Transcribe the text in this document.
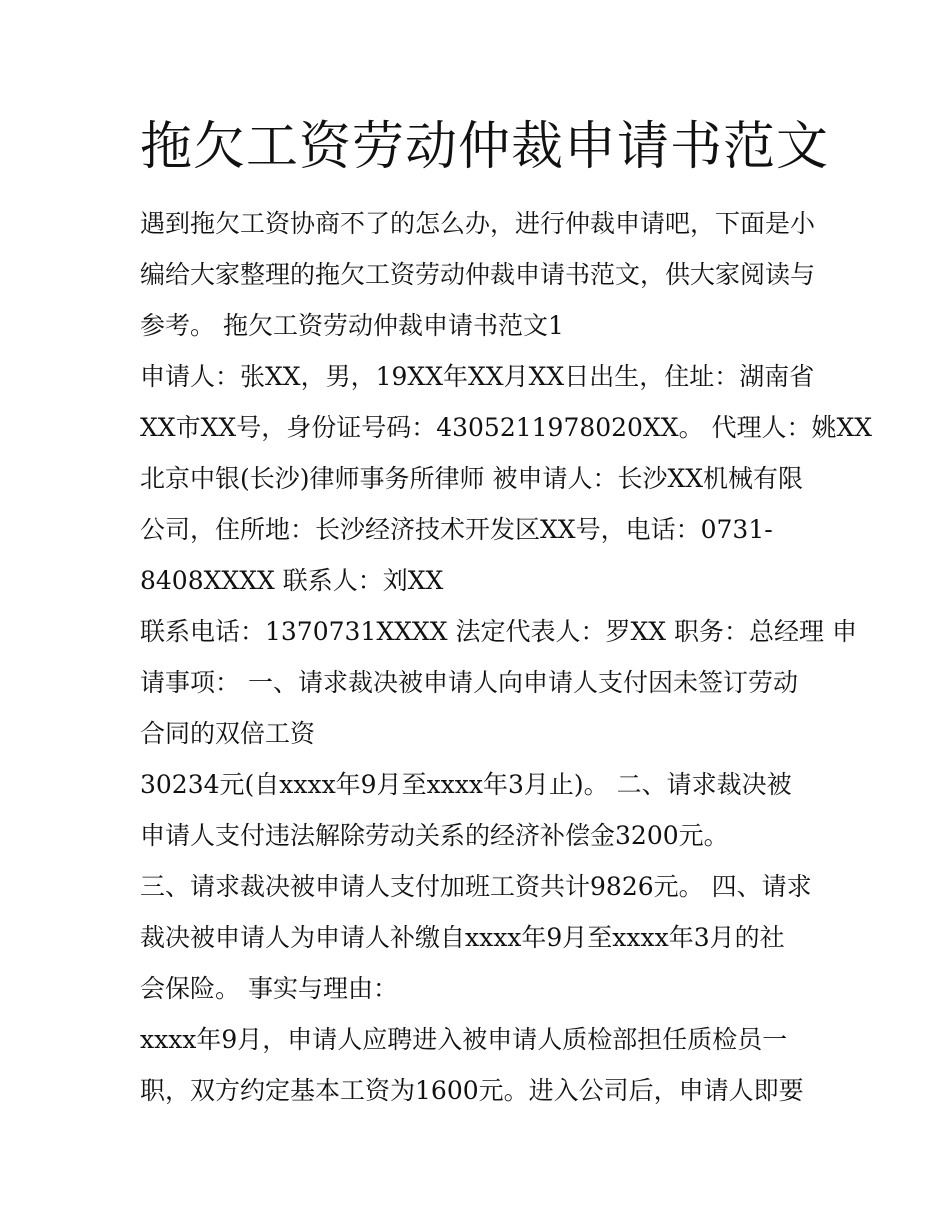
拖欠工资劳动仲裁申请书范文
遇到拖欠工资协商不了的怎么办，进行仲裁申请吧，下面是小
编给大家整理的拖欠工资劳动仲裁申请书范文，供大家阅读与
参考。 拖欠工资劳动仲裁申请书范文1
申请人：张XX，男，19XX年XX月XX日出生，住址：湖南省
XX市XX号，身份证号码：4305211978020XX。 代理人：姚XX
北京中银(长沙)律师事务所律师 被申请人：长沙XX机械有限
公司，住所地：长沙经济技术开发区XX号，电话：0731-
8408XXXX 联系人：刘XX
联系电话：1370731XXXX 法定代表人：罗XX 职务：总经理 申
请事项： 一、请求裁决被申请人向申请人支付因未签订劳动
合同的双倍工资
30234元(自xxxx年9月至xxxx年3月止)。 二、请求裁决被
申请人支付违法解除劳动关系的经济补偿金3200元。
三、请求裁决被申请人支付加班工资共计9826元。 四、请求
裁决被申请人为申请人补缴自xxxx年9月至xxxx年3月的社
会保险。 事实与理由：
xxxx年9月，申请人应聘进入被申请人质检部担任质检员一
职，双方约定基本工资为1600元。进入公司后，申请人即要
